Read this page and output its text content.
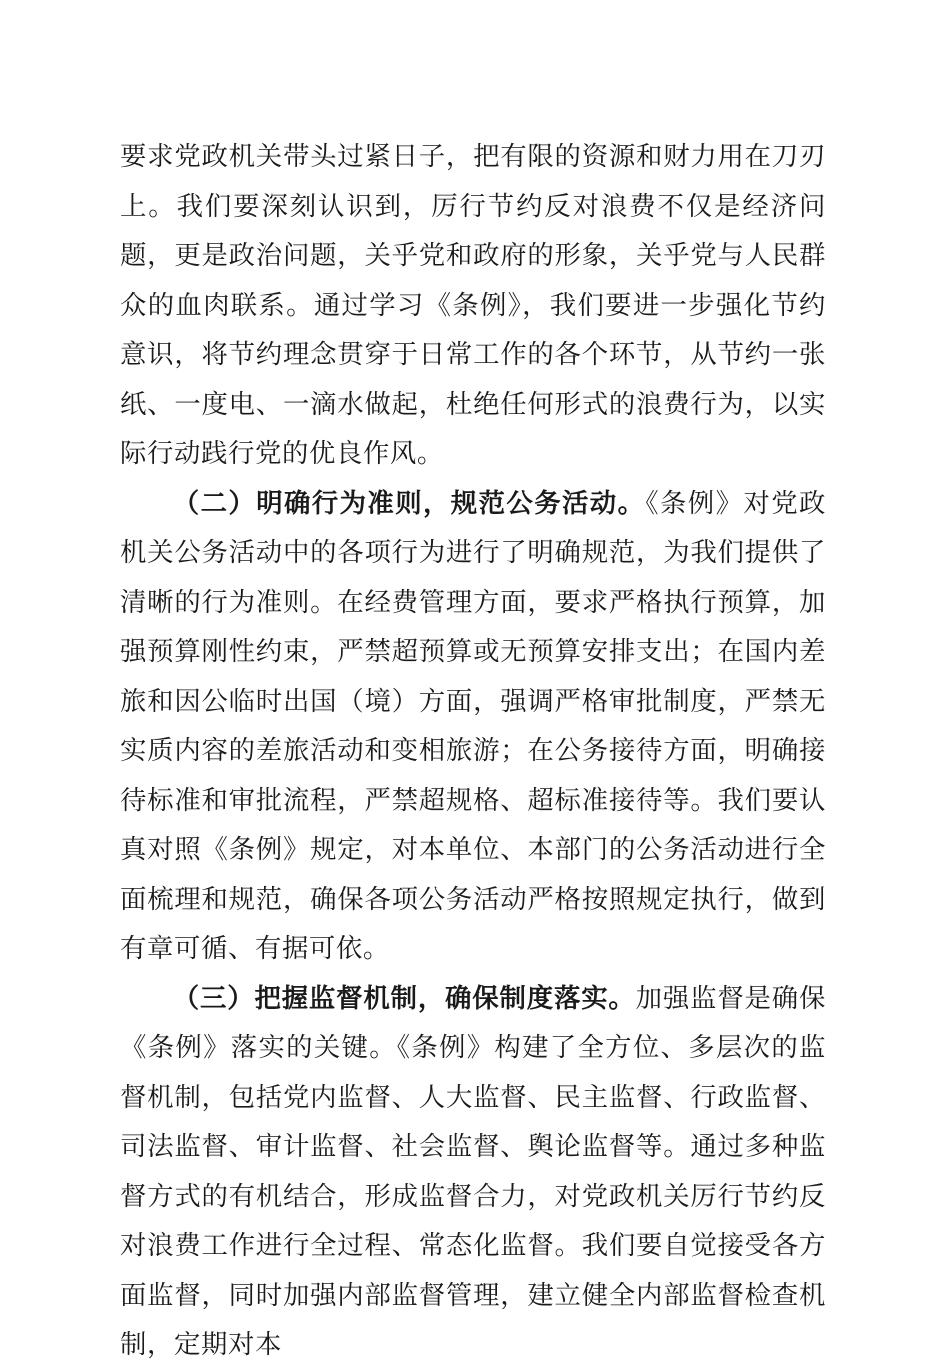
要求党政机关带头过紧日子，把有限的资源和财力用在刀刃上。我们要深刻认识到，厉行节约反对浪费不仅是经济问题，更是政治问题，关乎党和政府的形象，关乎党与人民群众的血肉联系。通过学习《条例》，我们要进一步强化节约意识，将节约理念贯穿于日常工作的各个环节，从节约一张纸、一度电、一滴水做起，杜绝任何形式的浪费行为，以实际行动践行党的优良作风。

（二）明确行为准则，规范公务活动。《条例》对党政机关公务活动中的各项行为进行了明确规范，为我们提供了清晰的行为准则。在经费管理方面，要求严格执行预算，加强预算刚性约束，严禁超预算或无预算安排支出；在国内差旅和因公临时出国（境）方面，强调严格审批制度，严禁无实质内容的差旅活动和变相旅游；在公务接待方面，明确接待标准和审批流程，严禁超规格、超标准接待等。我们要认真对照《条例》规定，对本单位、本部门的公务活动进行全面梳理和规范，确保各项公务活动严格按照规定执行，做到有章可循、有据可依。

（三）把握监督机制，确保制度落实。加强监督是确保《条例》落实的关键。《条例》构建了全方位、多层次的监督机制，包括党内监督、人大监督、民主监督、行政监督、司法监督、审计监督、社会监督、舆论监督等。通过多种监督方式的有机结合，形成监督合力，对党政机关厉行节约反对浪费工作进行全过程、常态化监督。我们要自觉接受各方面监督，同时加强内部监督管理，建立健全内部监督检查机制，定期对本
